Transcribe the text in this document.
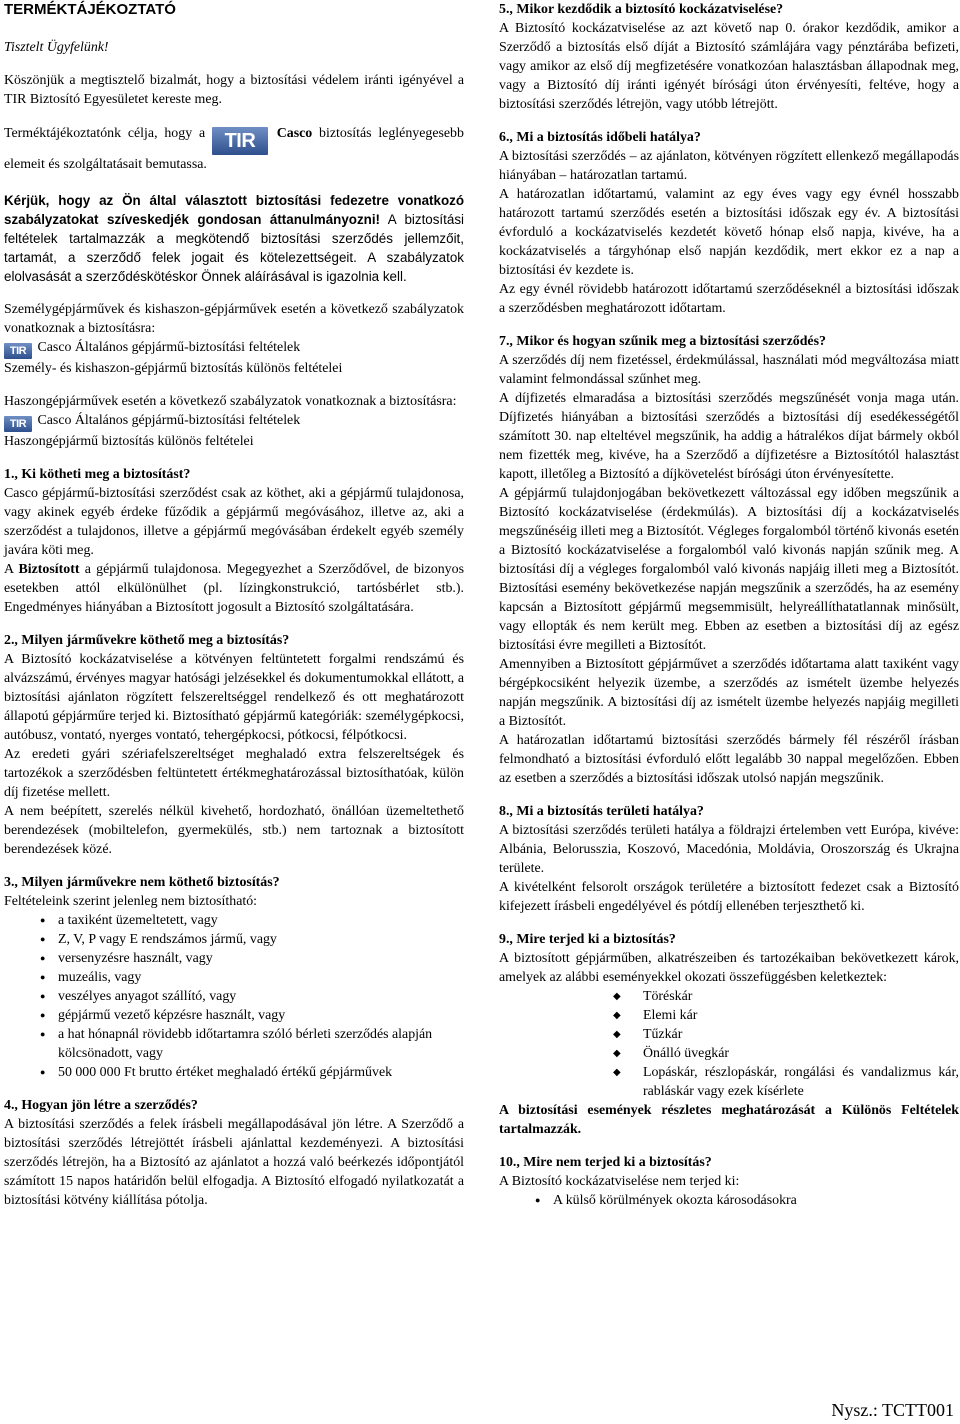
TERMÉKTÁJÉKOZTATÓ

Tisztelt Ügyfelünk!

Köszönjük a megtisztelő bizalmát, hogy a biztosítási védelem iránti igényével a TIR Biztosító Egyesületet kereste meg.

Terméktájékoztatónk célja, hogy a TIR Casco biztosítás leglényegesebb elemeit és szolgáltatásait bemutassa.

Kérjük, hogy az Ön által választott biztosítási fedezetre vonatkozó szabályzatokat szíveskedjék gondosan áttanulmányozni! A biztosítási feltételek tartalmazzák a megkötendő biztosítási szerződés jellemzőit, tartamát, a szerződő felek jogait és kötelezettségeit. A szabályzatok elolvasását a szerződéskötéskor Önnek aláírásával is igazolnia kell.

Személygépjárművek és kishaszon-gépjárművek esetén a következő szabályzatok vonatkoznak a biztosításra:

TIR Casco Általános gépjármű-biztosítási feltételek

Személy- és kishaszon-gépjármű biztosítás különös feltételei

Haszongépjárművek esetén a következő szabályzatok vonatkoznak a biztosításra:

TIR Casco Általános gépjármű-biztosítási feltételek

Haszongépjármű biztosítás különös feltételei

1., Ki kötheti meg a biztosítást?

Casco gépjármű-biztosítási szerződést csak az köthet, aki a gépjármű tulajdonosa, vagy akinek egyéb érdeke fűződik a gépjármű megóvásához, illetve az, aki a szerződést a tulajdonos, illetve a gépjármű megóvásában érdekelt egyéb személy javára köti meg.

A Biztosított a gépjármű tulajdonosa. Megegyezhet a Szerződővel, de bizonyos esetekben attól elkülönülhet (pl. lízingkonstrukció, tartósbérlet stb.). Engedményes hiányában a Biztosított jogosult a Biztosító szolgáltatására.

2., Milyen járművekre köthető meg a biztosítás?

A Biztosító kockázatviselése a kötvényen feltüntetett forgalmi rendszámú és alvázszámú, érvényes magyar hatósági jelzésekkel és dokumentumokkal ellátott, a biztosítási ajánlaton rögzített felszereltséggel rendelkező és ott meghatározott állapotú gépjárműre terjed ki. Biztosítható gépjármű kategóriák: személygépkocsi, autóbusz, vontató, nyerges vontató, tehergépkocsi, pótkocsi, félpótkocsi.

Az eredeti gyári szériafelszereltséget meghaladó extra felszereltségek és tartozékok a szerződésben feltüntetett értékmeghatározással biztosíthatóak, külön díj fizetése mellett.

A nem beépített, szerelés nélkül kivehető, hordozható, önállóan üzemeltethető berendezések (mobiltelefon, gyermekülés, stb.) nem tartoznak a biztosított berendezések közé.

3., Milyen járművekre nem köthető biztosítás?

Feltételeink szerint jelenleg nem biztosítható:

● a taxiként üzemeltetett, vagy
● Z, V, P vagy E rendszámos jármű, vagy
● versenyzésre használt, vagy
● muzeális, vagy
● veszélyes anyagot szállító, vagy
● gépjármű vezető képzésre használt, vagy
● a hat hónapnál rövidebb időtartamra szóló bérleti szerződés alapján kölcsönadott, vagy
● 50 000 000 Ft brutto értéket meghaladó értékű gépjárművek

4., Hogyan jön létre a szerződés?

A biztosítási szerződés a felek írásbeli megállapodásával jön létre. A Szerződő a biztosítási szerződés létrejöttét írásbeli ajánlattal kezdeményezi. A biztosítási szerződés létrejön, ha a Biztosító az ajánlatot a hozzá való beérkezés időpontjától számított 15 napos határidőn belül elfogadja. A Biztosító elfogadó nyilatkozatát a biztosítási kötvény kiállítása pótolja.

5., Mikor kezdődik a biztosító kockázatviselése?

A Biztosító kockázatviselése az azt követő nap 0. órakor kezdődik, amikor a Szerződő a biztosítás első díját a Biztosító számlájára vagy pénztárába befizeti, vagy amikor az első díj megfizetésére vonatkozóan halasztásban állapodnak meg, vagy a Biztosító díj iránti igényét bírósági úton érvényesíti, feltéve, hogy a biztosítási szerződés létrejön, vagy utóbb létrejött.

6., Mi a biztosítás időbeli hatálya?

A biztosítási szerződés – az ajánlaton, kötvényen rögzített ellenkező megállapodás hiányában – határozatlan tartamú.

A határozatlan időtartamú, valamint az egy éves vagy egy évnél hosszabb határozott tartamú szerződés esetén a biztosítási időszak egy év. A biztosítási évforduló a kockázatviselés kezdetét követő hónap első napja, kivéve, ha a kockázatviselés a tárgyhónap első napján kezdődik, mert ekkor ez a nap a biztosítási év kezdete is.

Az egy évnél rövidebb határozott időtartamú szerződéseknél a biztosítási időszak a szerződésben meghatározott időtartam.

7., Mikor és hogyan szűnik meg a biztosítási szerződés?

A szerződés díj nem fizetéssel, érdekmúlással, használati mód megváltozása miatt valamint felmondással szűnhet meg.

A díjfizetés elmaradása a biztosítási szerződés megszűnését vonja maga után. Díjfizetés hiányában a biztosítási szerződés a biztosítási díj esedékességétől számított 30. nap elteltével megszűnik, ha addig a hátralékos díjat bármely okból nem fizették meg, kivéve, ha a Szerződő a díjfizetésre a Biztosítótól halasztást kapott, illetőleg a Biztosító a díjkövetelést bírósági úton érvényesítette.

A gépjármű tulajdonjogában bekövetkezett változással egy időben megszűnik a Biztosító kockázatviselése (érdekmúlás). A biztosítási díj a kockázatviselés megszűnéséig illeti meg a Biztosítót. Végleges forgalomból történő kivonás esetén a Biztosító kockázatviselése a forgalomból való kivonás napján szűnik meg. A biztosítási díj a végleges forgalomból való kivonás napjáig illeti meg a Biztosítót. Biztosítási esemény bekövetkezése napján megszűnik a szerződés, ha az esemény kapcsán a Biztosított gépjármű megsemmisült, helyreállíthatatlannak minősült, vagy ellopták és nem került meg. Ebben az esetben a biztosítási díj az egész biztosítási évre megilleti a Biztosítót.

Amennyiben a Biztosított gépjárművet a szerződés időtartama alatt taxiként vagy bérgépkocsiként helyezik üzembe, a szerződés az ismételt üzembe helyezés napján megszűnik. A biztosítási díj az ismételt üzembe helyezés napjáig megilleti a Biztosítót.

A határozatlan időtartamú biztosítási szerződés bármely fél részéről írásban felmondható a biztosítási évforduló előtt legalább 30 nappal megelőzően. Ebben az esetben a szerződés a biztosítási időszak utolsó napján megszűnik.

8., Mi a biztosítás területi hatálya?

A biztosítási szerződés területi hatálya a földrajzi értelemben vett Európa, kivéve: Albánia, Belorusszia, Koszovó, Macedónia, Moldávia, Oroszország és Ukrajna területe.

A kivételként felsorolt országok területére a biztosított fedezet csak a Biztosító kifejezett írásbeli engedélyével és pótdíj ellenében terjeszthető ki.

9., Mire terjed ki a biztosítás?

A biztosított gépjárműben, alkatrészeiben és tartozékaiban bekövetkezett károk, amelyek az alábbi eseményekkel okozati összefüggésben keletkeztek:

◆ Töréskár
◆ Elemi kár
◆ Tűzkár
◆ Önálló üvegkár
◆ Lopáskár, részlopáskár, rongálási és vandalizmus kár, rabláskár vagy ezek kísérlete

A biztosítási események részletes meghatározását a Különös Feltételek tartalmazzák.

10., Mire nem terjed ki a biztosítás?

A Biztosító kockázatviselése nem terjed ki:

● A külső körülmények okozta károsodásokra
Nysz.: TCTT001
